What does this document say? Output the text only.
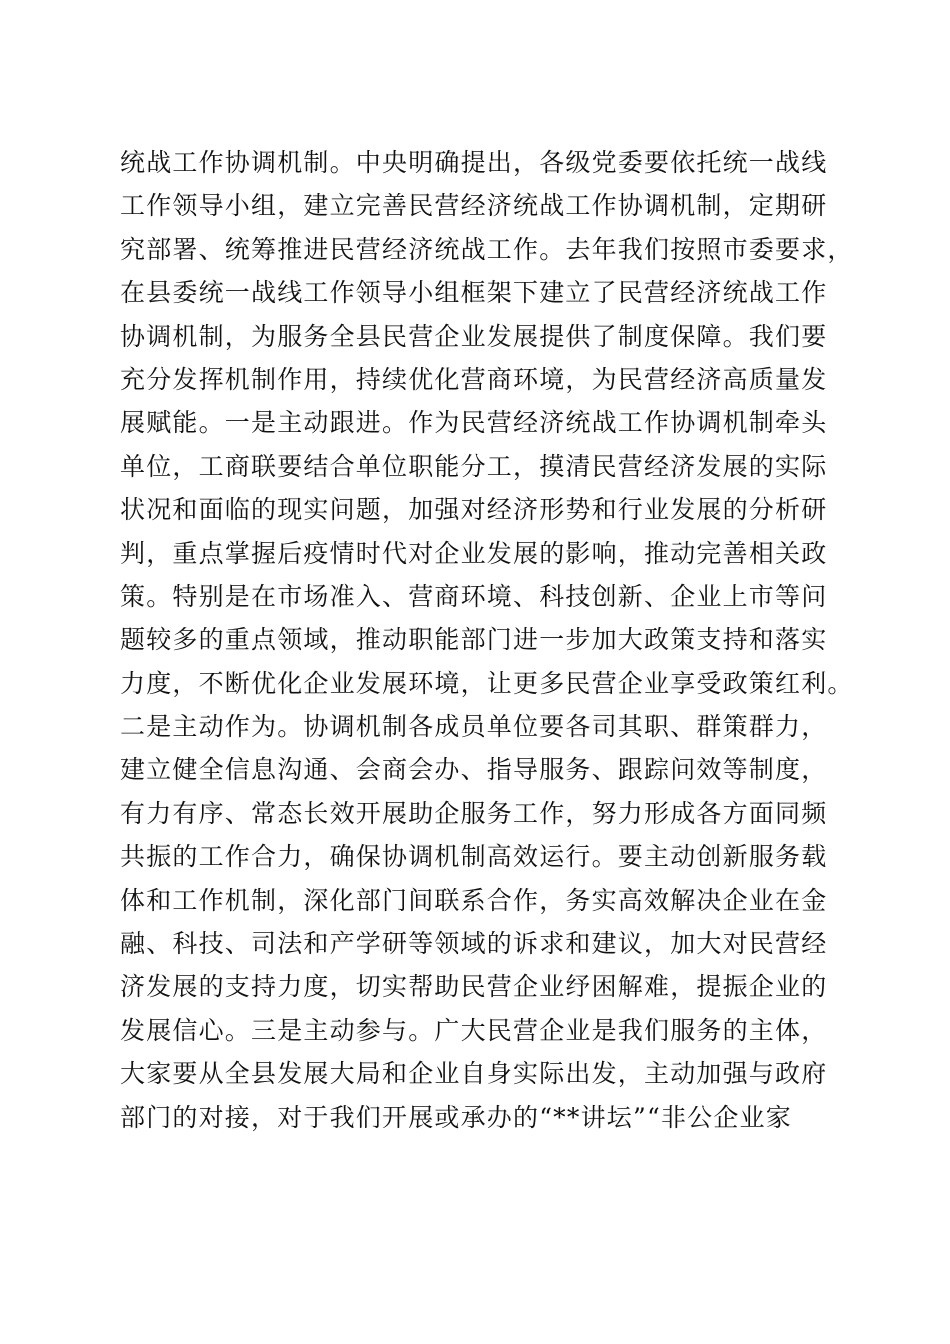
统战工作协调机制。中央明确提出，各级党委要依托统一战线
工作领导小组，建立完善民营经济统战工作协调机制，定期研
究部署、统筹推进民营经济统战工作。去年我们按照市委要求，
在县委统一战线工作领导小组框架下建立了民营经济统战工作
协调机制，为服务全县民营企业发展提供了制度保障。我们要
充分发挥机制作用，持续优化营商环境，为民营经济高质量发
展赋能。一是主动跟进。作为民营经济统战工作协调机制牵头
单位，工商联要结合单位职能分工，摸清民营经济发展的实际
状况和面临的现实问题，加强对经济形势和行业发展的分析研
判，重点掌握后疫情时代对企业发展的影响，推动完善相关政
策。特别是在市场准入、营商环境、科技创新、企业上市等问
题较多的重点领域，推动职能部门进一步加大政策支持和落实
力度，不断优化企业发展环境，让更多民营企业享受政策红利。
二是主动作为。协调机制各成员单位要各司其职、群策群力，
建立健全信息沟通、会商会办、指导服务、跟踪问效等制度，
有力有序、常态长效开展助企服务工作，努力形成各方面同频
共振的工作合力，确保协调机制高效运行。要主动创新服务载
体和工作机制，深化部门间联系合作，务实高效解决企业在金
融、科技、司法和产学研等领域的诉求和建议，加大对民营经
济发展的支持力度，切实帮助民营企业纾困解难，提振企业的
发展信心。三是主动参与。广大民营企业是我们服务的主体，
大家要从全县发展大局和企业自身实际出发，主动加强与政府
部门的对接，对于我们开展或承办的“**讲坛”“非公企业家
